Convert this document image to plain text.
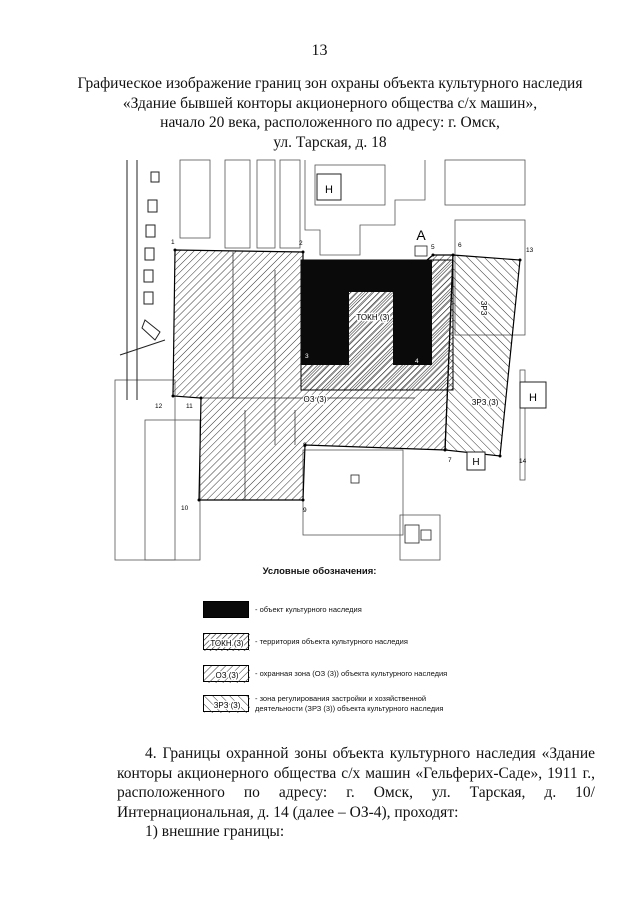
13
Графическое изображение границ зон охраны объекта культурного наследия
«Здание бывшей конторы акционерного общества с/х машин»,
начало 20 века, расположенного по адресу: г. Омск,
ул. Тарская, д. 18
Н
Н
Н
А
ТОКН (3)
ОЗ (3)	ЗРЗ (3)
ЗРЗ
1	2
5	6
13
14
7
8
9
10
11
12
3
4
Условные обозначения:
- объект культурного наследия
ТОКН (3) - территория объекта культурного наследия
ОЗ (3) - охранная зона (ОЗ (3)) объекта культурного наследия
ЗРЗ (3)
- зона регулирования застройки и хозяйственной
деятельности (ЗРЗ (3)) объекта культурного наследия
4. Границы охранной зоны объекта культурного наследия «Здание конторы акционерного общества с/х машин «Гельферих-Саде», 1911 г., расположенного по адресу: г. Омск, ул. Тарская, д. 10/Интернациональная, д. 14 (далее – ОЗ-4), проходят:
1) внешние границы:
